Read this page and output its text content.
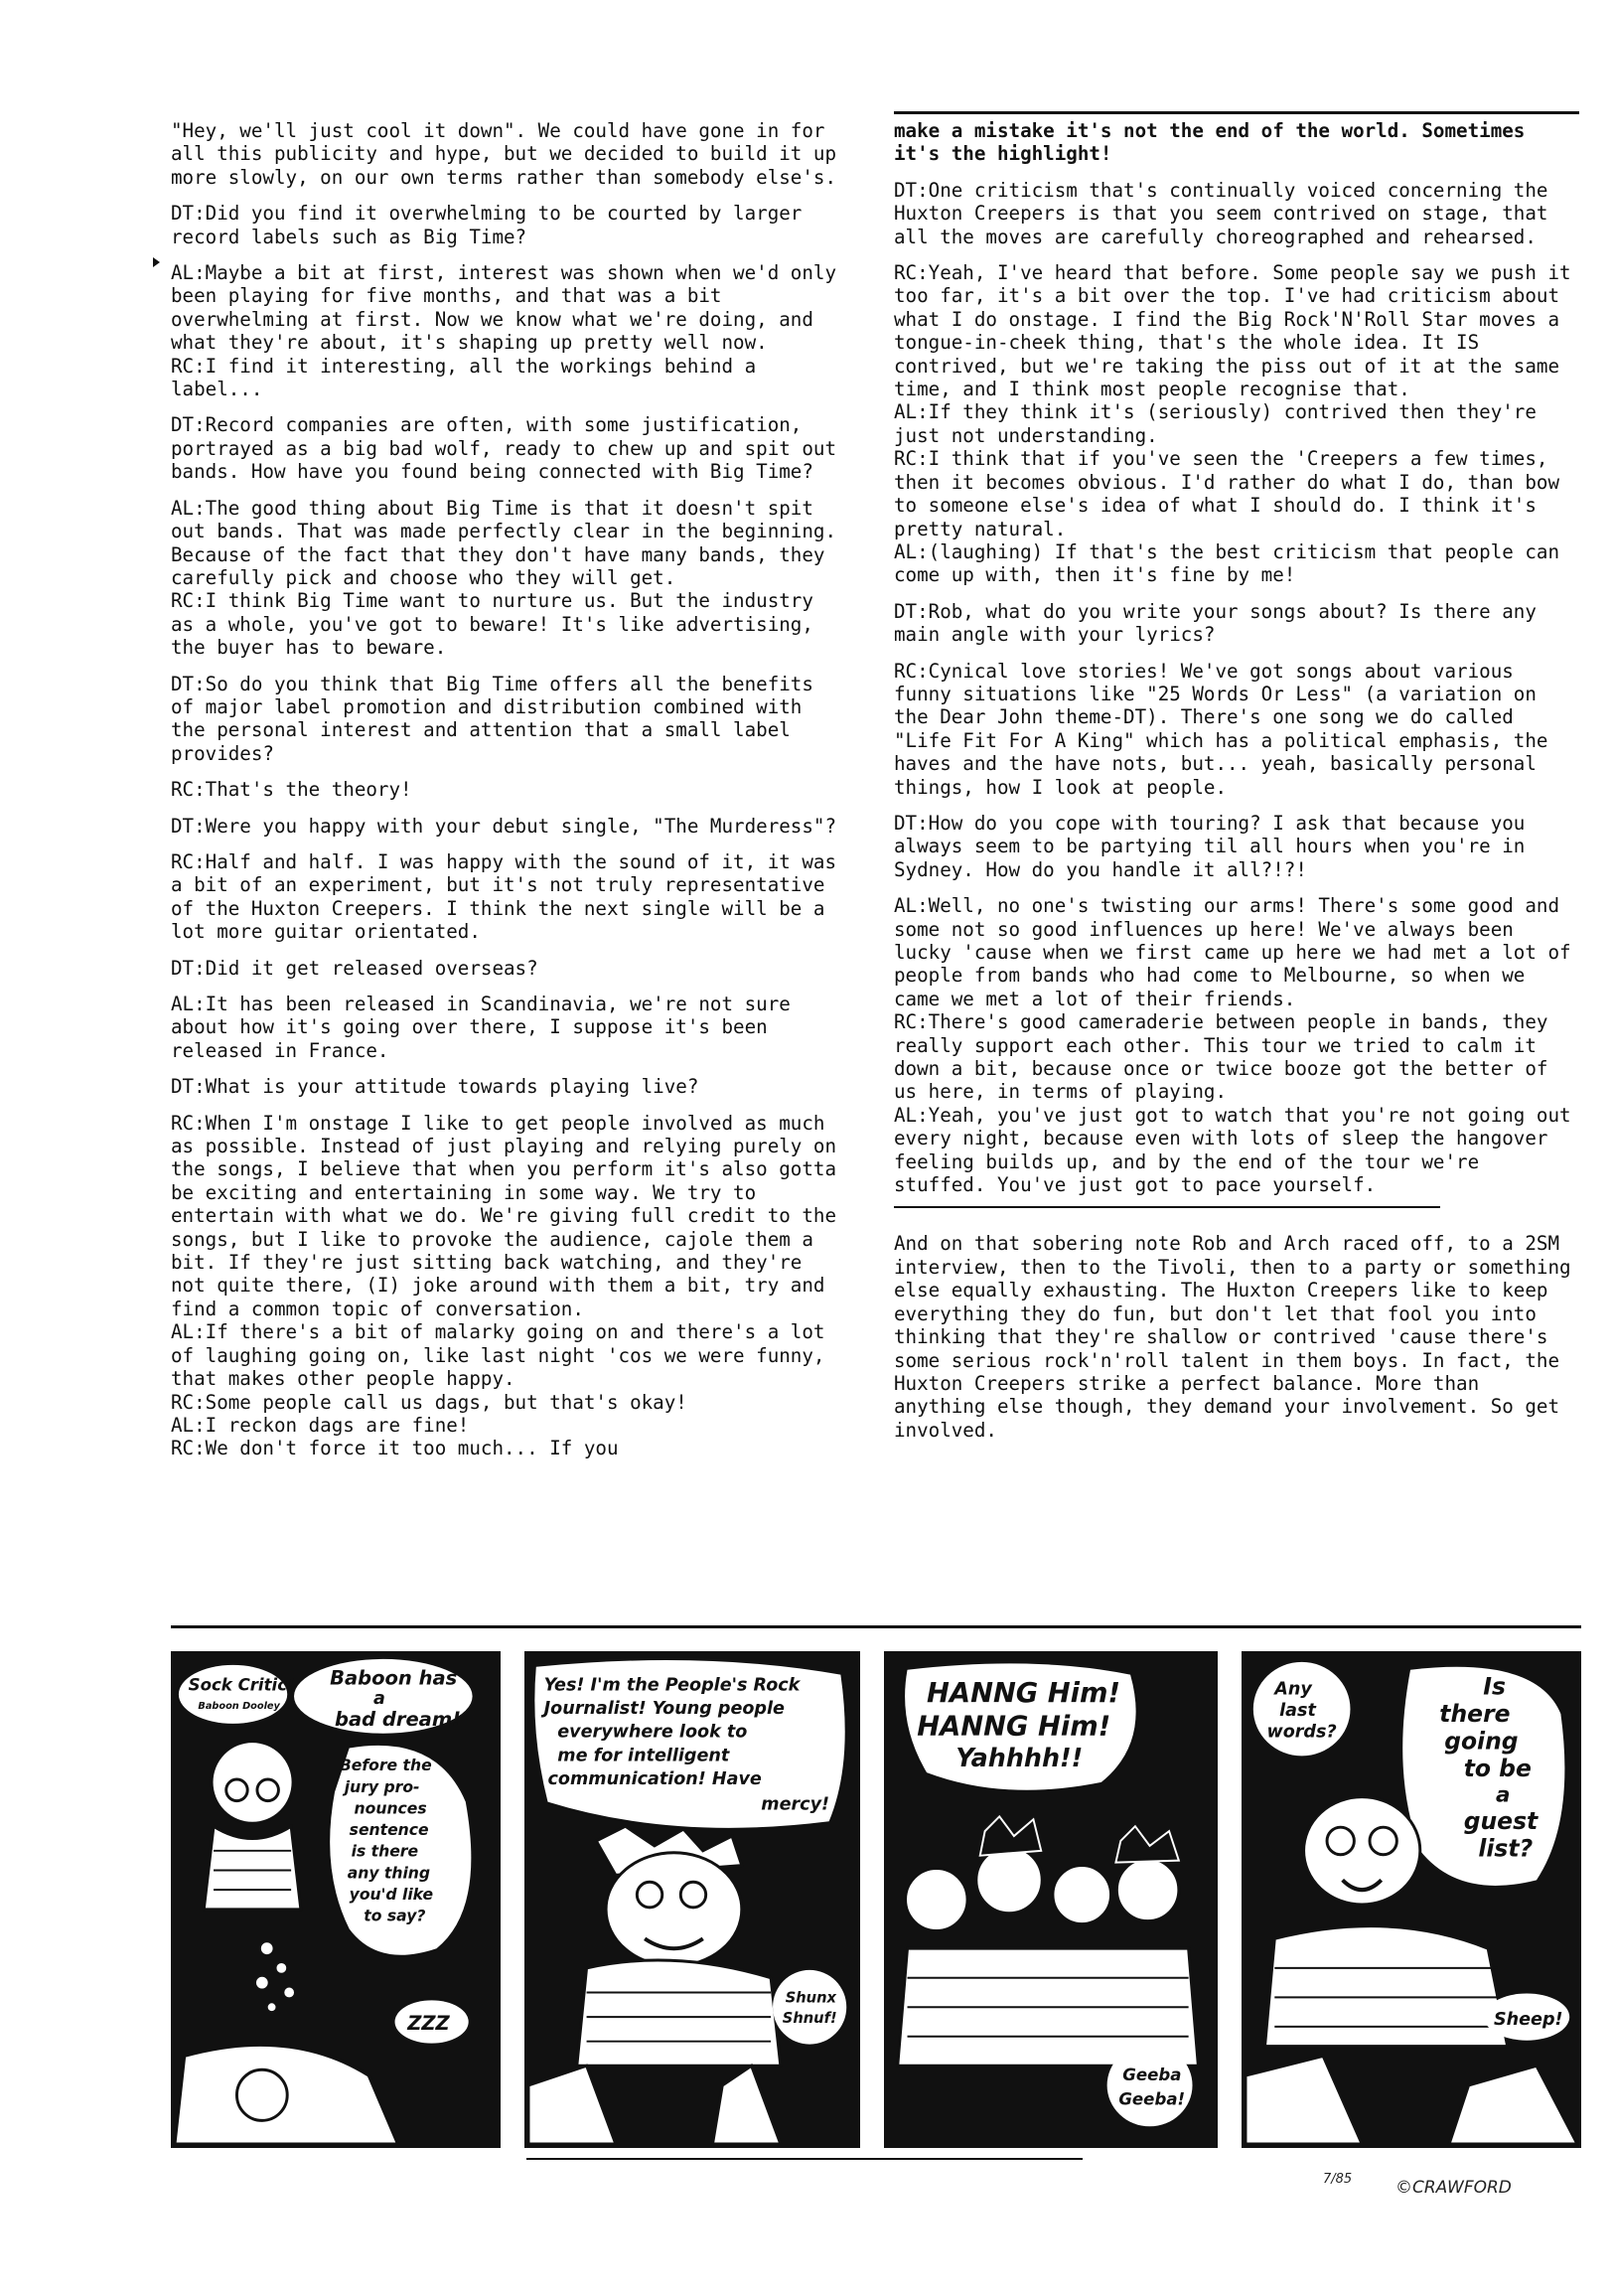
"Hey, we'll just cool it down". We could have gone in for all this publicity and hype, but we decided to build it up more slowly, on our own terms rather than somebody else's.

DT:Did you find it overwhelming to be courted by larger record labels such as Big Time?

AL:Maybe a bit at first, interest was shown when we'd only been playing for five months, and that was a bit overwhelming at first. Now we know what we're doing, and what they're about, it's shaping up pretty well now.

RC:I find it interesting, all the workings behind a label...

DT:Record companies are often, with some justification, portrayed as a big bad wolf, ready to chew up and spit out bands. How have you found being connected with Big Time?

AL:The good thing about Big Time is that it doesn't spit out bands. That was made perfectly clear in the beginning. Because of the fact that they don't have many bands, they carefully pick and choose who they will get.

RC:I think Big Time want to nurture us. But the industry as a whole, you've got to beware! It's like advertising, the buyer has to beware.

DT:So do you think that Big Time offers all the benefits of major label promotion and distribution combined with the personal interest and attention that a small label provides?

RC:That's the theory!

DT:Were you happy with your debut single, "The Murderess"?

RC:Half and half. I was happy with the sound of it, it was a bit of an experiment, but it's not truly representative of the Huxton Creepers. I think the next single will be a lot more guitar orientated.

DT:Did it get released overseas?

AL:It has been released in Scandinavia, we're not sure about how it's going over there, I suppose it's been released in France.

DT:What is your attitude towards playing live?

RC:When I'm onstage I like to get people involved as much as possible. Instead of just playing and relying purely on the songs, I believe that when you perform it's also gotta be exciting and entertaining in some way. We try to entertain with what we do. We're giving full credit to the songs, but I like to provoke the audience, cajole them a bit. If they're just sitting back watching, and they're not quite there, (I) joke around with them a bit, try and find a common topic of conversation.

AL:If there's a bit of malarky going on and there's a lot of laughing going on, like last night 'cos we were funny, that makes other people happy.

RC:Some people call us dags, but that's okay!

AL:I reckon dags are fine!

RC:We don't force it too much... If you

make a mistake it's not the end of the world. Sometimes it's the highlight!

DT:One criticism that's continually voiced concerning the Huxton Creepers is that you seem contrived on stage, that all the moves are carefully choreographed and rehearsed.

RC:Yeah, I've heard that before. Some people say we push it too far, it's a bit over the top. I've had criticism about what I do onstage. I find the Big Rock'N'Roll Star moves a tongue-in-cheek thing, that's the whole idea. It IS contrived, but we're taking the piss out of it at the same time, and I think most people recognise that.

AL:If they think it's (seriously) contrived then they're just not understanding.

RC:I think that if you've seen the 'Creepers a few times, then it becomes obvious. I'd rather do what I do, than bow to someone else's idea of what I should do. I think it's pretty natural.

AL:(laughing) If that's the best criticism that people can come up with, then it's fine by me!

DT:Rob, what do you write your songs about? Is there any main angle with your lyrics?

RC:Cynical love stories! We've got songs about various funny situations like "25 Words Or Less" (a variation on the Dear John theme-DT). There's one song we do called "Life Fit For A King" which has a political emphasis, the haves and the have nots, but... yeah, basically personal things, how I look at people.

DT:How do you cope with touring? I ask that because you always seem to be partying til all hours when you're in Sydney. How do you handle it all?!?!

AL:Well, no one's twisting our arms! There's some good and some not so good influences up here! We've always been lucky 'cause when we first came up here we had met a lot of people from bands who had come to Melbourne, so when we came we met a lot of their friends.

RC:There's good cameraderie between people in bands, they really support each other. This tour we tried to calm it down a bit, because once or twice booze got the better of us here, in terms of playing.

AL:Yeah, you've just got to watch that you're not going out every night, because even with lots of sleep the hangover feeling builds up, and by the end of the tour we're stuffed. You've just got to pace yourself.

And on that sobering note Rob and Arch raced off, to a 2SM interview, then to the Tivoli, then to a party or something else equally exhausting. The Huxton Creepers like to keep everything they do fun, but don't let that fool you into thinking that they're shallow or contrived 'cause there's some serious rock'n'roll talent in them boys. In fact, the Huxton Creepers strike a perfect balance. More than anything else though, they demand your involvement. So get involved.

Sock Critic!
Baboon Dooley
Baboon has
a
bad dream!
Before the
jury pro-
nounces
sentence
is there
any thing
you'd like
to say?
ZZZ
Yes! I'm the People's Rock
Journalist! Young people
everywhere look to
me for intelligent
communication! Have
mercy!
Shunx
Shnuf!
HANNG Him!
HANNG Him!
Yahhhh!!
Geeba
Geeba!
Any
last
words?
Is
there
going
to be
a
guest
list?
Sheep!
7/85	©CRAWFORD
